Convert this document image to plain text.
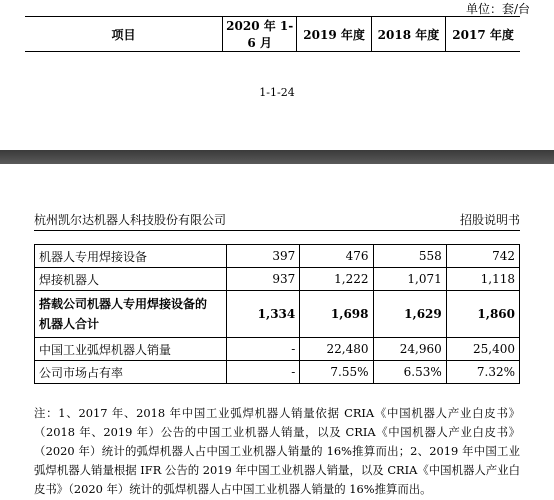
单位：套/台
项目	2020 年 1-6 月	2019 年度	2018 年度	2017 年度
1-1-24
杭州凯尔达机器人科技股份有限公司	招股说明书
机器人专用焊接设备	397	476	558	742
焊接机器人	937	1,222	1,071	1,118

搭载公司机器人专用焊接设备的
机器人合计	1,334	1,698	1,629	1,860
中国工业弧焊机器人销量	-	22,480	24,960	25,400
公司市场占有率	-	7.55%	6.53%	7.32%
注：1、2017 年、2018 年中国工业弧焊机器人销量依据 CRIA《中国机器人产业白皮书》（2018 年、2019 年）公告的中国工业机器人销量，以及 CRIA《中国机器人产业白皮书》（2020 年）统计的弧焊机器人占中国工业机器人销量的 16%推算而出；2、2019 年中国工业弧焊机器人销量根据 IFR 公告的 2019 年中国工业机器人销量，以及 CRIA《中国机器人产业白皮书》（2020 年）统计的弧焊机器人占中国工业机器人销量的 16%推算而出。
